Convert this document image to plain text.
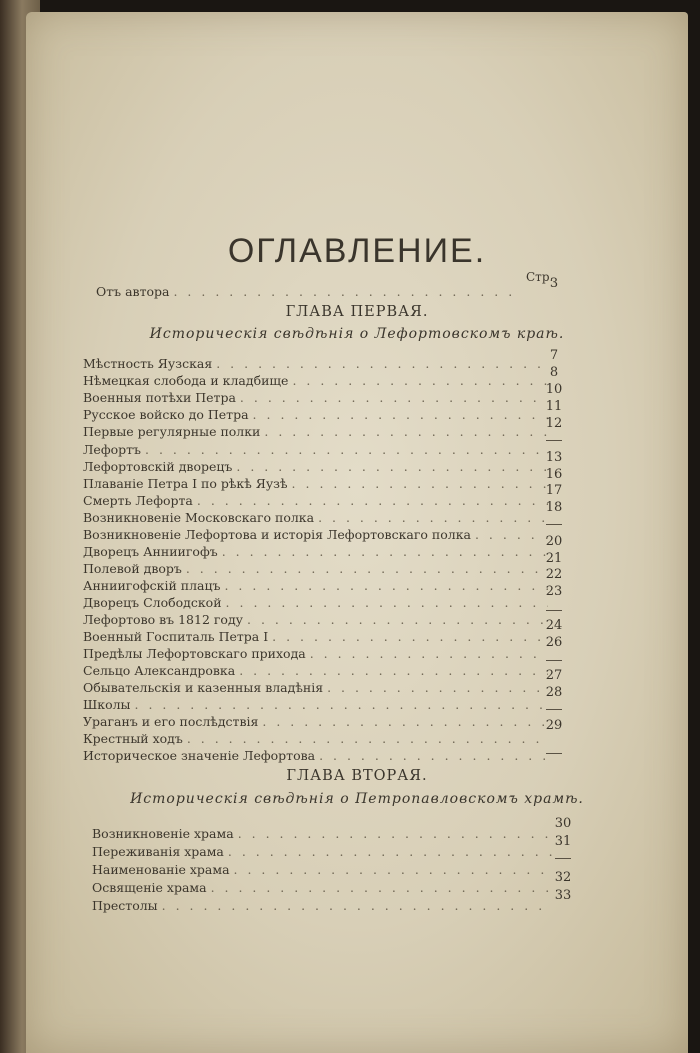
ОГЛАВЛЕНИЕ.
Стр.
Отъ автора
. . .
3
ГЛАВА ПЕРВАЯ.
Историческія свѣдѣнія о Лефортовскомъ краѣ.
Мѣстность Яузская
. . .
Нѣмецкая слобода и кладбище
. . .
Военныя потѣхи Петра
. . .
Русское войско до Петра
. . .
Первые регулярные полки
. . .
Лефортъ
. . .
Лефортовскій дворецъ
. . .
Плаваніе Петра I по рѣкѣ Яузѣ
. . .
Смерть Лефорта
. . .
Возникновеніе Московскаго полка
. . .
Возникновеніе Лефортова и исторія Лефортовскаго полка
. . .
Дворецъ Анниигофъ
. . .
Полевой дворъ
. . .
Анниигофскій плацъ
. . .
Дворецъ Слободской
. . .
Лефортово въ 1812 году
. . .
Военный Госпиталь Петра I
. . .
Предѣлы Лефортовскаго прихода
. . .
Сельцо Александровка
. . .
Обывательскія и казенныя владѣнія
. . .
Школы
. . .
Ураганъ и его послѣдствія
. . .
Крестный ходъ
. . .
Историческое значеніе Лефортова
. . .
7
8
10
11
12
13
16
17
18
20
21
22
23
24
26
27
28
29
ГЛАВА ВТОРАЯ.
Историческія свѣдѣнія о Петропавловскомъ храмѣ.
Возникновеніе храма
. . .
Переживанія храма
. . .
Наименованіе храма
. . .
Освященіе храма
. . .
Престолы
. . .
30
31
32
33
